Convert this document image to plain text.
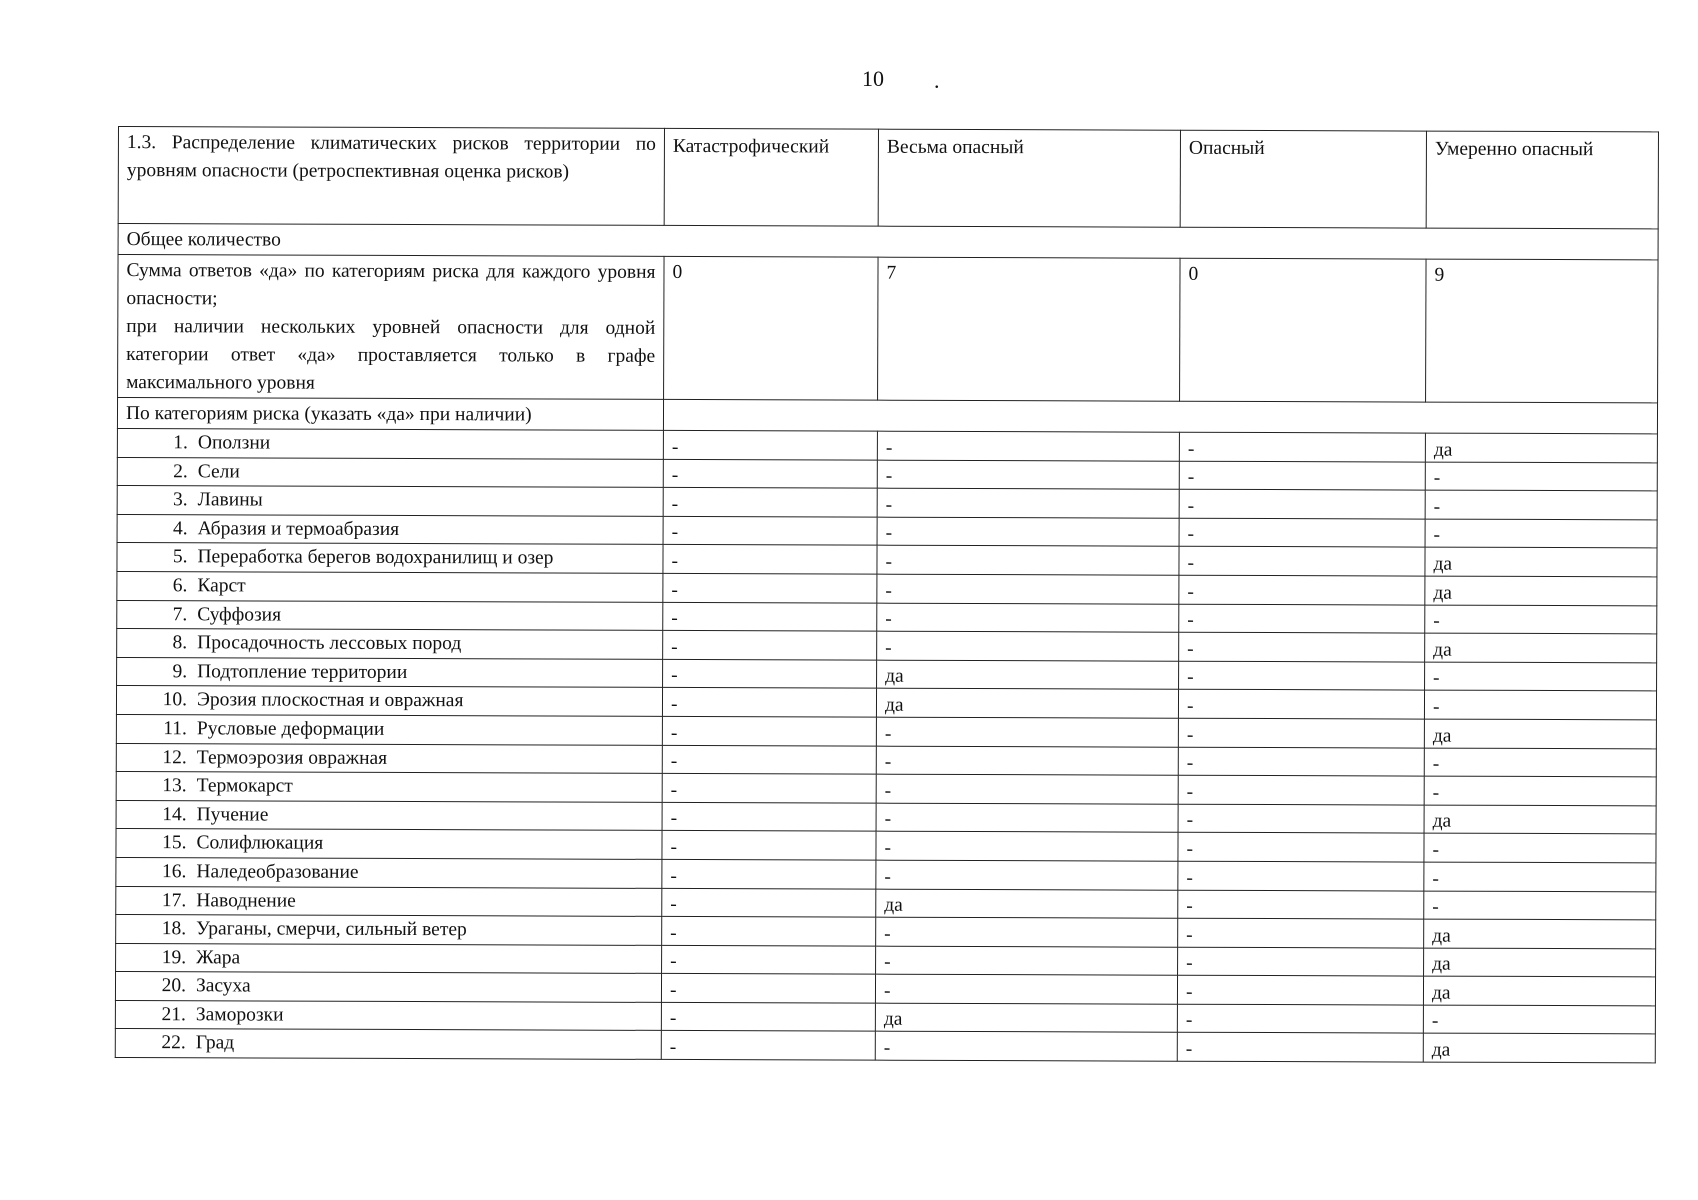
10 .
1.3. Распределение климатических рисков территории по уровням опасности (ретроспективная оценка рисков)	Катастрофический	Весьма опасный	Опасный	Умеренно опасный
Общее количество				

Сумма ответов «да» по категориям риска для каждого уровня опасности;
при наличии нескольких уровней опасности для одной категории ответ «да» проставляется только в графе максимального уровня	0	7	0	9
По категориям риска (указать «да» при наличии)				
1. Оползни	-	-	-	да
2. Сели	-	-	-	-
3. Лавины	-	-	-	-
4. Абразия и термоабразия	-	-	-	-
5. Переработка берегов водохранилищ и озер	-	-	-	да
6. Карст	-	-	-	да
7. Суффозия	-	-	-	-
8. Просадочность лессовых пород	-	-	-	да
9. Подтопление территории	-	да	-	-
10. Эрозия плоскостная и овражная	-	да	-	-
11. Русловые деформации	-	-	-	да
12. Термоэрозия овражная	-	-	-	-
13. Термокарст	-	-	-	-
14. Пучение	-	-	-	да
15. Солифлюкация	-	-	-	-
16. Наледеобразование	-	-	-	-
17. Наводнение	-	да	-	-
18. Ураганы, смерчи, сильный ветер	-	-	-	да
19. Жара	-	-	-	да
20. Засуха	-	-	-	да
21. Заморозки	-	да	-	-
22. Град	-	-	-	да
